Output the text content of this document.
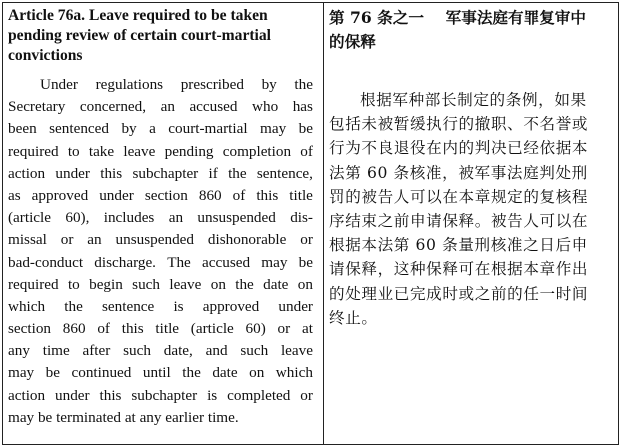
Article 76a. Leave required to be taken
pending review of certain court-martial
convictions
Under regulations prescribed by the
Secretary concerned, an accused who has
been sentenced by a court-martial may be
required to take leave pending completion of
action under this subchapter if the sentence,
as approved under section 860 of this title
(article 60), includes an unsuspended dis-
missal or an unsuspended dishonorable or
bad-conduct discharge. The accused may be
required to begin such leave on the date on
which the sentence is approved under
section 860 of this title (article 60) or at
any time after such date, and such leave
may be continued until the date on which
action under this subchapter is completed or
may be terminated at any earlier time.
第 76 条之一    军事法庭有罪复审中
的保释
根据军种部长制定的条例，如果
包括未被暂缓执行的撤职、不名誉或
行为不良退役在内的判决已经依据本
法第 60 条核准，被军事法庭判处刑
罚的被告人可以在本章规定的复核程
序结束之前申请保释。被告人可以在
根据本法第 60 条量刑核准之日后申
请保释，这种保释可在根据本章作出
的处理业已完成时或之前的任一时间
终止。
